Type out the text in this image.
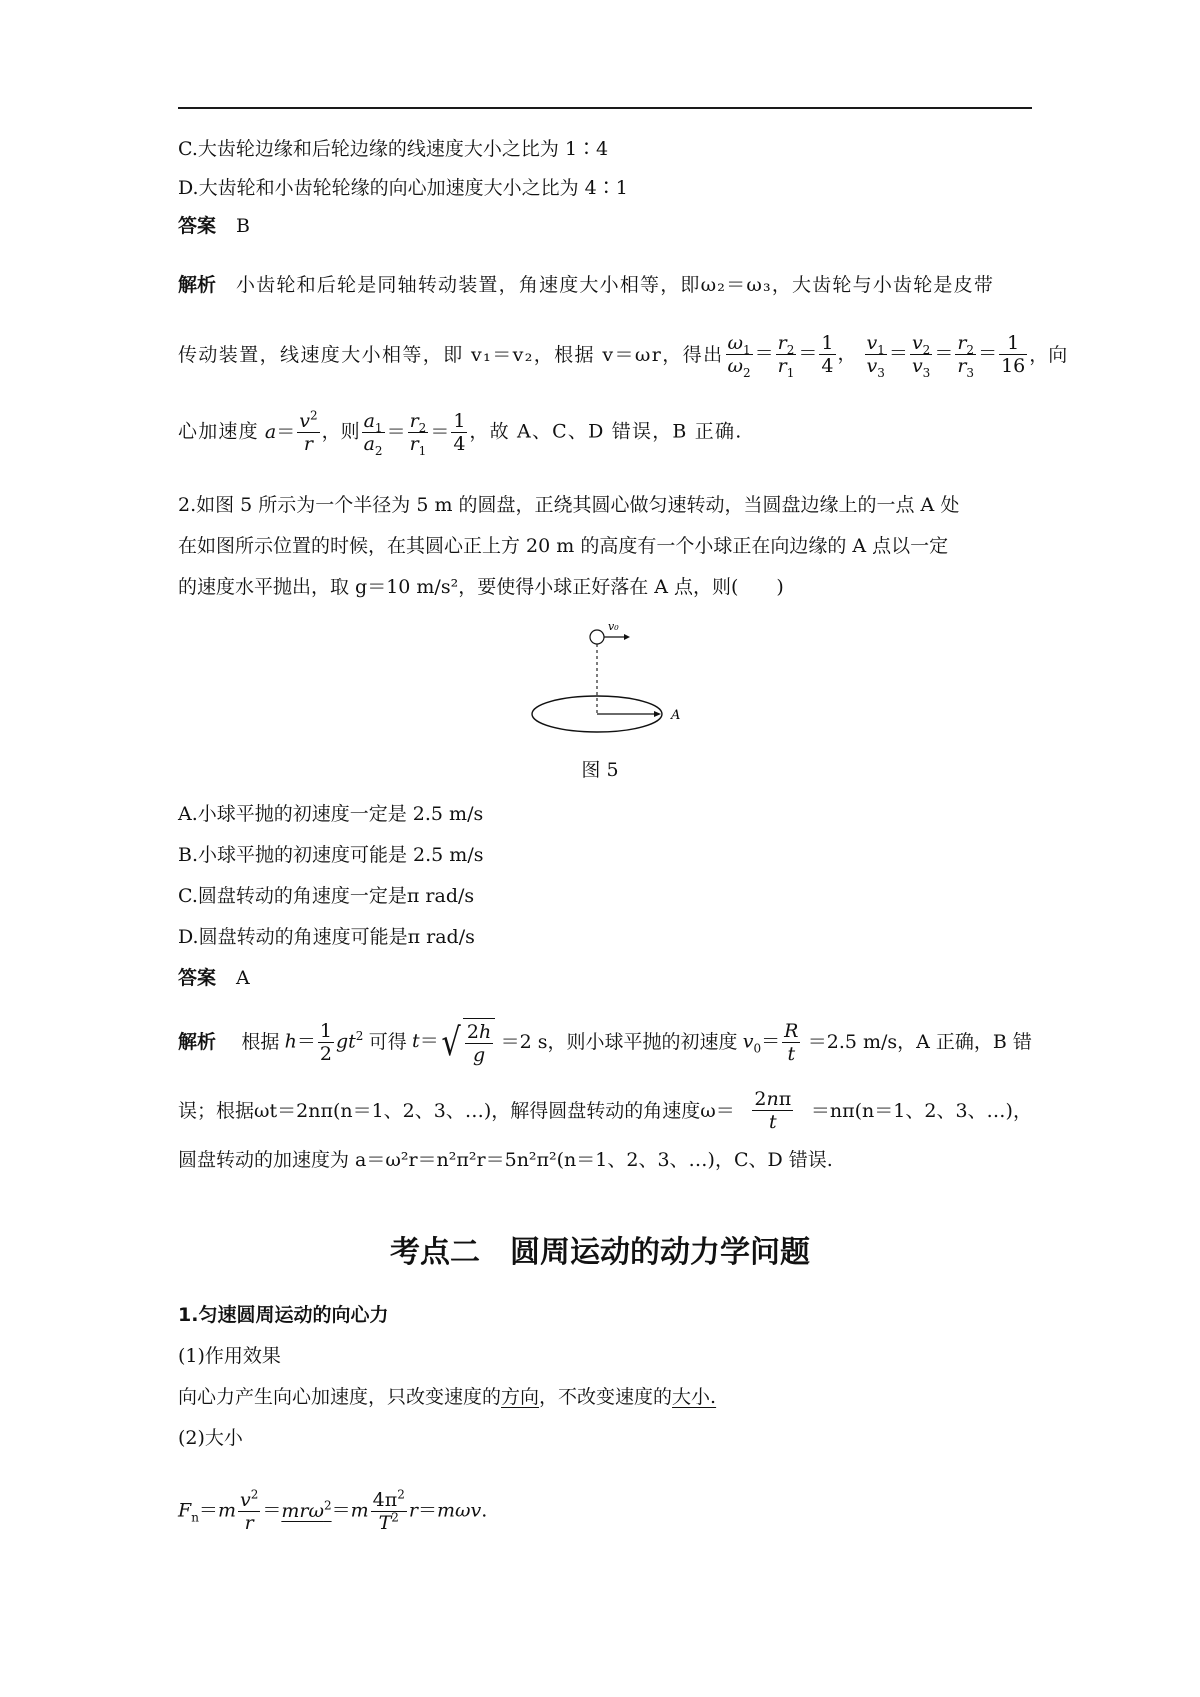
C.大齿轮边缘和后轮边缘的线速度大小之比为 1∶4
D.大齿轮和小齿轮轮缘的向心加速度大小之比为 4∶1
答案 B
解析 小齿轮和后轮是同轴转动装置，角速度大小相等，即ω₂＝ω₃，大齿轮与小齿轮是皮带
传动装置，线速度大小相等，即 v₁＝v₂，根据 v＝ωr，得出 $\frac{\omega_1}{\omega_2} = \frac{r_2}{r_1} = \frac{1}{4}$ ， $\frac{v_1}{v_3} = \frac{v_2}{v_3} = \frac{r_2}{r_3} = \frac{1}{16}$ ，向
心加速度 $a= \frac{v^2}{r}$ ，则 $\frac{a_1}{a_2} = \frac{r_2}{r_1} = \frac{1}{4}$ ，故 A、C、D 错误，B 正确.
2.如图 5 所示为一个半径为 5 m 的圆盘，正绕其圆心做匀速转动，当圆盘边缘上的一点 A 处
在如图所示位置的时候，在其圆心正上方 20 m 的高度有一个小球正在向边缘的 A 点以一定
的速度水平抛出，取 g＝10 m/s²，要使得小球正好落在 A 点，则(　　)
v₀
A
图 5
A.小球平抛的初速度一定是 2.5 m/s
B.小球平抛的初速度可能是 2.5 m/s
C.圆盘转动的角速度一定是π rad/s
D.圆盘转动的角速度可能是π rad/s
答案 A
解析 根据 $h= \frac{1}{2} gt^2$ 可得 t＝ √ $\frac{2h}{g} =2$ s，则小球平抛的初速度 $v_0= \frac{R}{t} =2.5$ m/s，A 正确，B 错
误；根据ωt＝2nπ(n＝1、2、3、…)，解得圆盘转动的角速度$\omega= \frac{2n\pi}{t} =n\pi(n=1$、2、3、…)，
圆盘转动的加速度为 a＝ω²r＝n²π²r＝5n²π²(n＝1、2、3、…)，C、D 错误.
考点二　圆周运动的动力学问题
1.匀速圆周运动的向心力
(1)作用效果
向心力产生向心加速度，只改变速度的方向，不改变速度的大小.
(2)大小
$F_n=m \frac{v^2}{r} =mr\omega^2=m \frac{4\pi^2}{T^2} r=m\omega v$.
